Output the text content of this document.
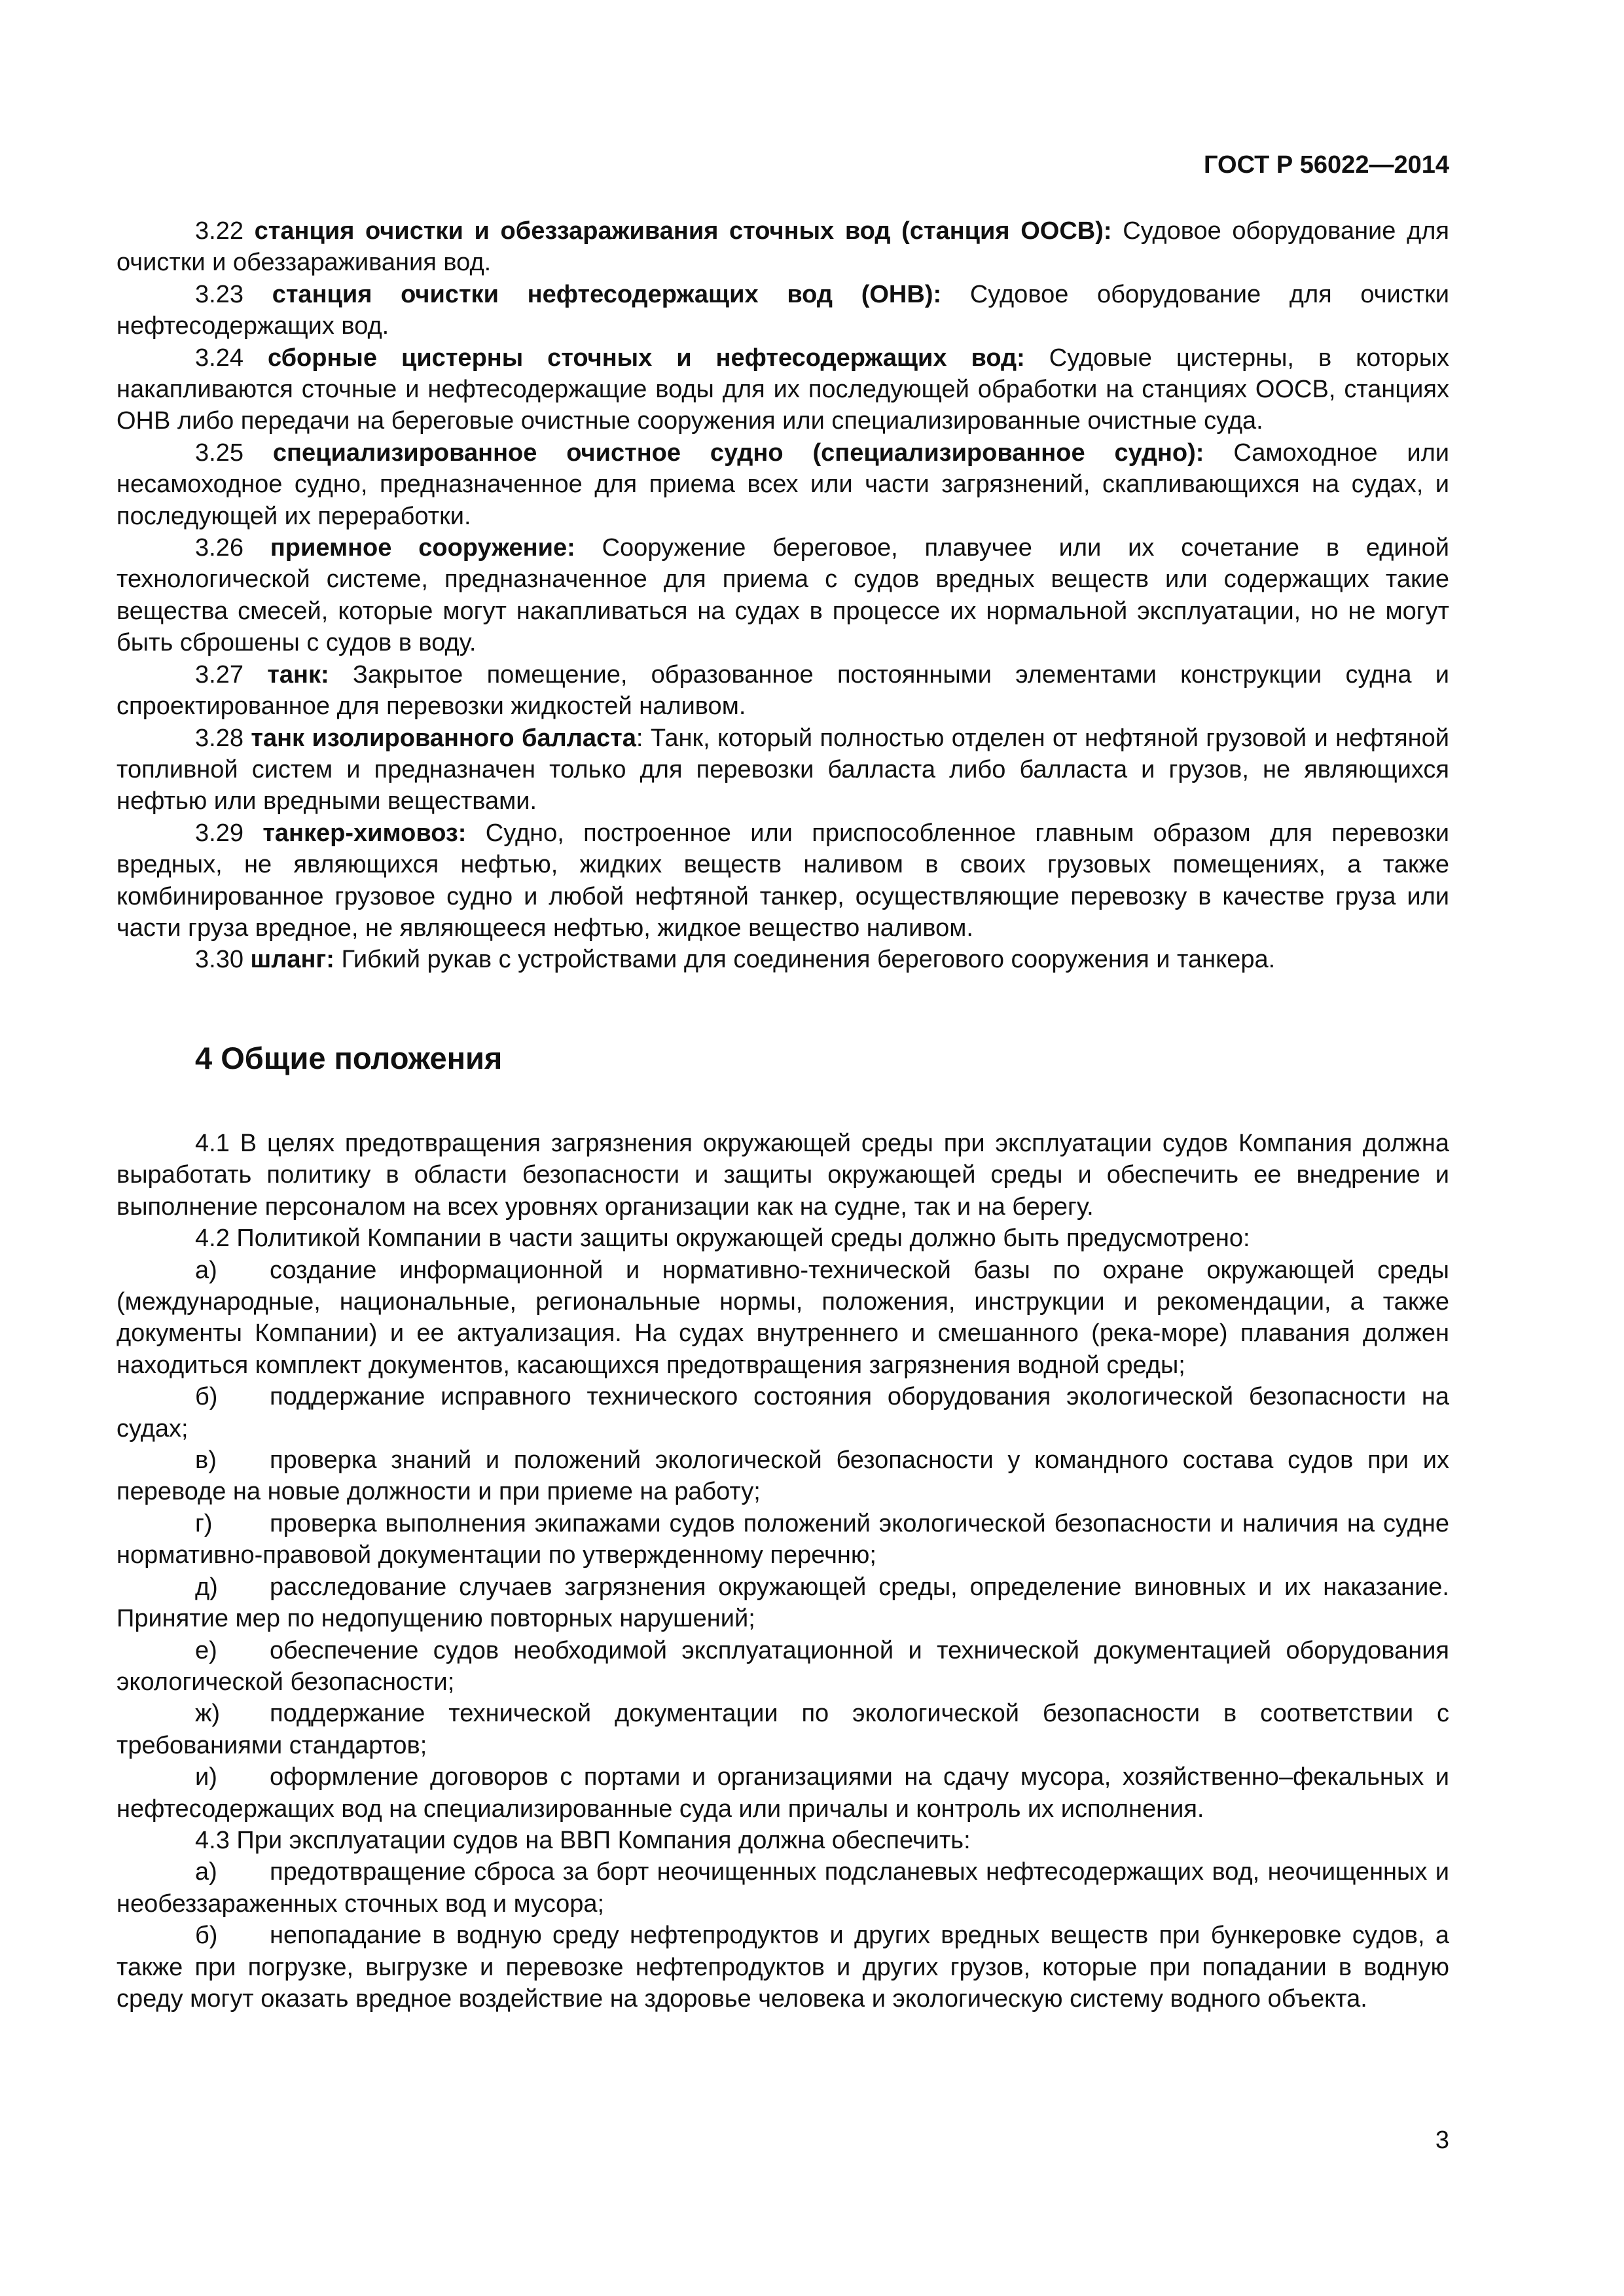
ГОСТ Р 56022—2014

3.22 станция очистки и обеззараживания сточных вод (станция ООСВ): Судовое оборудование для очистки и обеззараживания вод.

3.23 станция очистки нефтесодержащих вод (ОНВ): Судовое оборудование для очистки нефтесодержащих вод.

3.24 сборные цистерны сточных и нефтесодержащих вод: Судовые цистерны, в которых накапливаются сточные и нефтесодержащие воды для их последующей обработки на станциях ООСВ, станциях ОНВ либо передачи на береговые очистные сооружения или специализированные очистные суда.

3.25 специализированное очистное судно (специализированное судно): Самоходное или несамоходное судно, предназначенное для приема всех или части загрязнений, скапливающихся на судах, и последующей их переработки.

3.26 приемное сооружение: Сооружение береговое, плавучее или их сочетание в единой технологической системе, предназначенное для приема с судов вредных веществ или содержащих такие вещества смесей, которые могут накапливаться на судах в процессе их нормальной эксплуатации, но не могут быть сброшены с судов в воду.

3.27 танк: Закрытое помещение, образованное постоянными элементами конструкции судна и спроектированное для перевозки жидкостей наливом.

3.28 танк изолированного балласта: Танк, который полностью отделен от нефтяной грузовой и нефтяной топливной систем и предназначен только для перевозки балласта либо балласта и грузов, не являющихся нефтью или вредными веществами.

3.29 танкер-химовоз: Судно, построенное или приспособленное главным образом для перевозки вредных, не являющихся нефтью, жидких веществ наливом в своих грузовых помещениях, а также комбинированное грузовое судно и любой нефтяной танкер, осуществляющие перевозку в качестве груза или части груза вредное, не являющееся нефтью, жидкое вещество наливом.

3.30 шланг: Гибкий рукав с устройствами для соединения берегового сооружения и танкера.

4 Общие положения

4.1 В целях предотвращения загрязнения окружающей среды при эксплуатации судов Компания должна выработать политику в области безопасности и защиты окружающей среды и обеспечить ее внедрение и выполнение персоналом на всех уровнях организации как на судне, так и на берегу.

4.2 Политикой Компании в части защиты окружающей среды должно быть предусмотрено:

а) создание информационной и нормативно-технической базы по охране окружающей среды (международные, национальные, региональные нормы, положения, инструкции и рекомендации, а также документы Компании) и ее актуализация. На судах внутреннего и смешанного (река-море) плавания должен находиться комплект документов, касающихся предотвращения загрязнения водной среды;

б) поддержание исправного технического состояния оборудования экологической безопасности на судах;

в) проверка знаний и положений экологической безопасности у командного состава судов при их переводе на новые должности и при приеме на работу;

г) проверка выполнения экипажами судов положений экологической безопасности и наличия на судне нормативно-правовой документации по утвержденному перечню;

д) расследование случаев загрязнения окружающей среды, определение виновных и их наказание. Принятие мер по недопущению повторных нарушений;

е) обеспечение судов необходимой эксплуатационной и технической документацией оборудования экологической безопасности;

ж) поддержание технической документации по экологической безопасности в соответствии с требованиями стандартов;

и) оформление договоров с портами и организациями на сдачу мусора, хозяйственно–фекальных и нефтесодержащих вод на специализированные суда или причалы и контроль их исполнения.

4.3 При эксплуатации судов на ВВП Компания должна обеспечить:

а) предотвращение сброса за борт неочищенных подсланевых нефтесодержащих вод, неочищенных и необеззараженных сточных вод и мусора;

б) непопадание в водную среду нефтепродуктов и других вредных веществ при бункеровке судов, а также при погрузке, выгрузке и перевозке нефтепродуктов и других грузов, которые при попадании в водную среду могут оказать вредное воздействие на здоровье человека и экологическую систему водного объекта.

3
